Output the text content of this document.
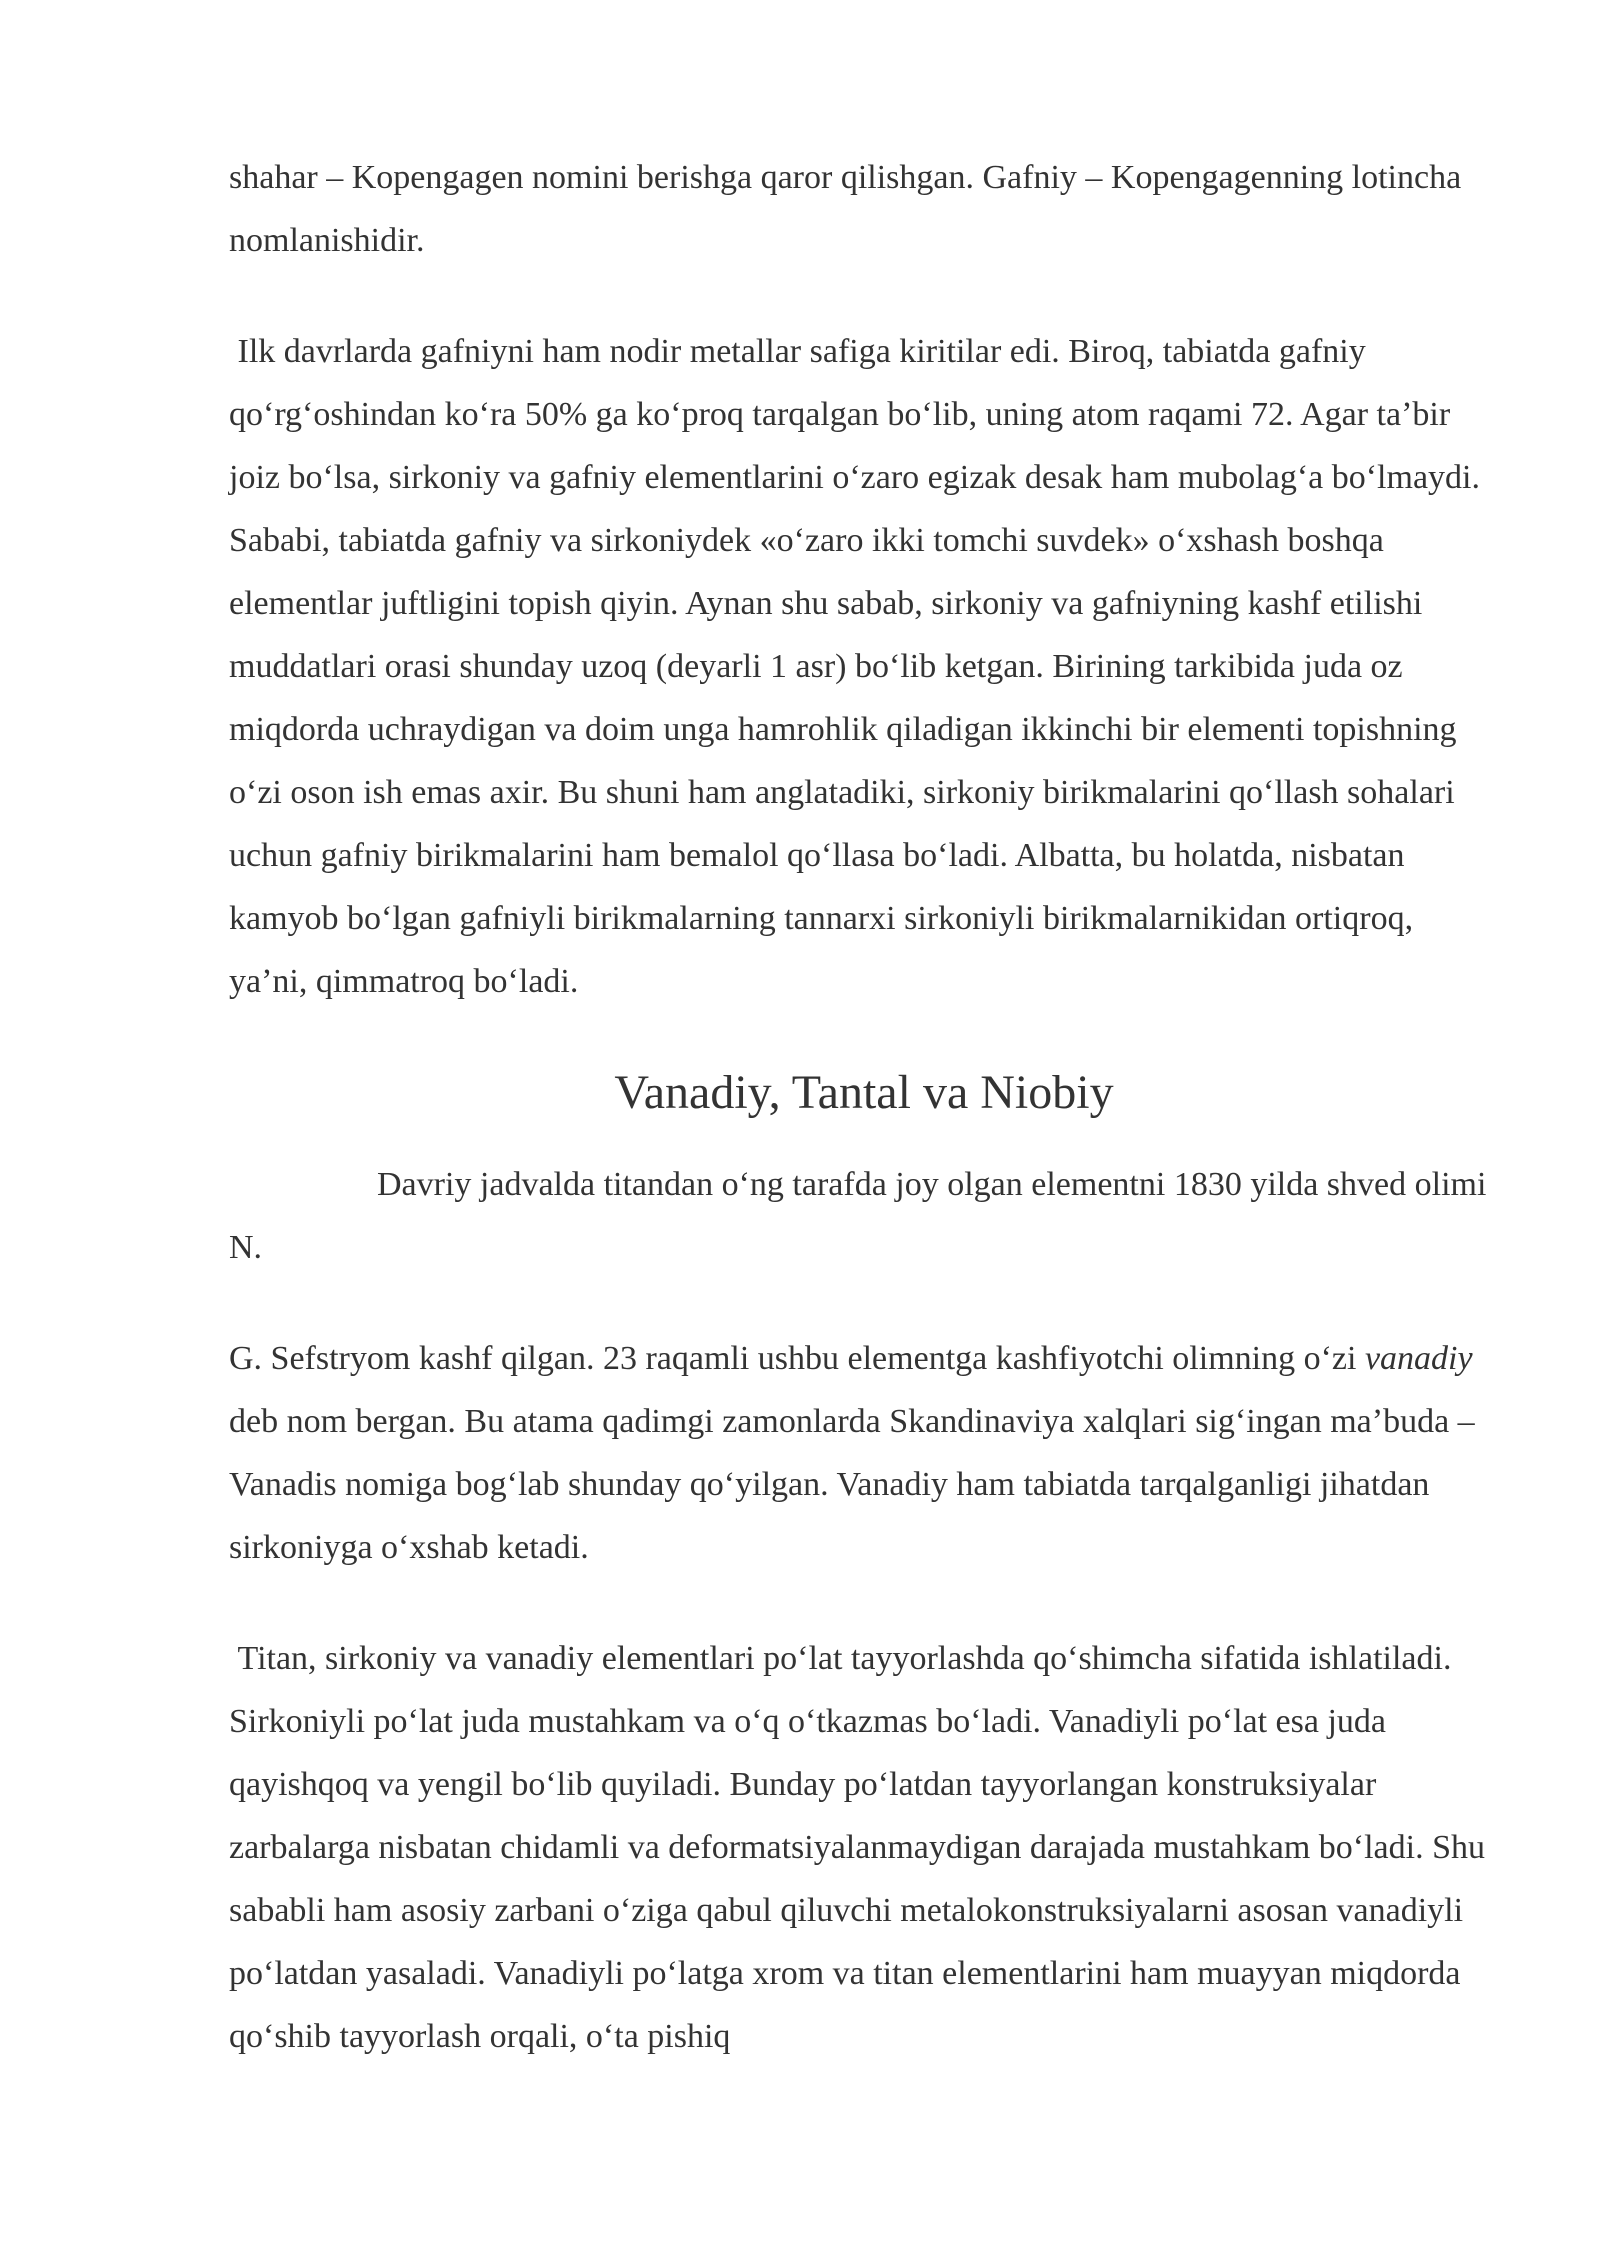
shahar – Kopengagen nomini berishga qaror qilishgan. Gafniy – Kopengagenning lotincha nomlanishidir.

Ilk davrlarda gafniyni ham nodir metallar safiga kiritilar edi. Biroq, tabiatda gafniy qoʻrgʻoshindan koʻra 50% ga koʻproq tarqalgan boʻlib, uning atom raqami 72. Agar taʼbir joiz boʻlsa, sirkoniy va gafniy elementlarini oʻzaro egizak desak ham mubolagʻa boʻlmaydi. Sababi, tabiatda gafniy va sirkoniydek «oʻzaro ikki tomchi suvdek» oʻxshash boshqa elementlar juftligini topish qiyin. Aynan shu sabab, sirkoniy va gafniyning kashf etilishi muddatlari orasi shunday uzoq (deyarli 1 asr) boʻlib ketgan. Birining tarkibida juda oz miqdorda uchraydigan va doim unga hamrohlik qiladigan ikkinchi bir elementi topishning oʻzi oson ish emas axir. Bu shuni ham anglatadiki, sirkoniy birikmalarini qoʻllash sohalari uchun gafniy birikmalarini ham bemalol qoʻllasa boʻladi. Albatta, bu holatda, nisbatan kamyob boʻlgan gafniyli birikmalarning tannarxi sirkoniyli birikmalarnikidan ortiqroq, yaʼni, qimmatroq boʻladi.

Vanadiy, Tantal va Niobiy

Davriy jadvalda titandan oʻng tarafda joy olgan elementni 1830 yilda shved olimi N.

G. Sefstryom kashf qilgan. 23 raqamli ushbu elementga kashfiyotchi olimning oʻzi vanadiy deb nom bergan. Bu atama qadimgi zamonlarda Skandinaviya xalqlari sigʻingan maʼbuda – Vanadis nomiga bogʻlab shunday qoʻyilgan. Vanadiy ham tabiatda tarqalganligi jihatdan sirkoniyga oʻxshab ketadi.

Titan, sirkoniy va vanadiy elementlari poʻlat tayyorlashda qoʻshimcha sifatida ishlatiladi. Sirkoniyli poʻlat juda mustahkam va oʻq oʻtkazmas boʻladi. Vanadiyli poʻlat esa juda qayishqoq va yengil boʻlib quyiladi. Bunday poʻlatdan tayyorlangan konstruksiyalar zarbalarga nisbatan chidamli va deformatsiyalanmaydigan darajada mustahkam boʻladi. Shu sababli ham asosiy zarbani oʻziga qabul qiluvchi metalokonstruksiyalarni asosan vanadiyli poʻlatdan yasaladi. Vanadiyli poʻlatga xrom va titan elementlarini ham muayyan miqdorda qoʻshib tayyorlash orqali, oʻta pishiq
